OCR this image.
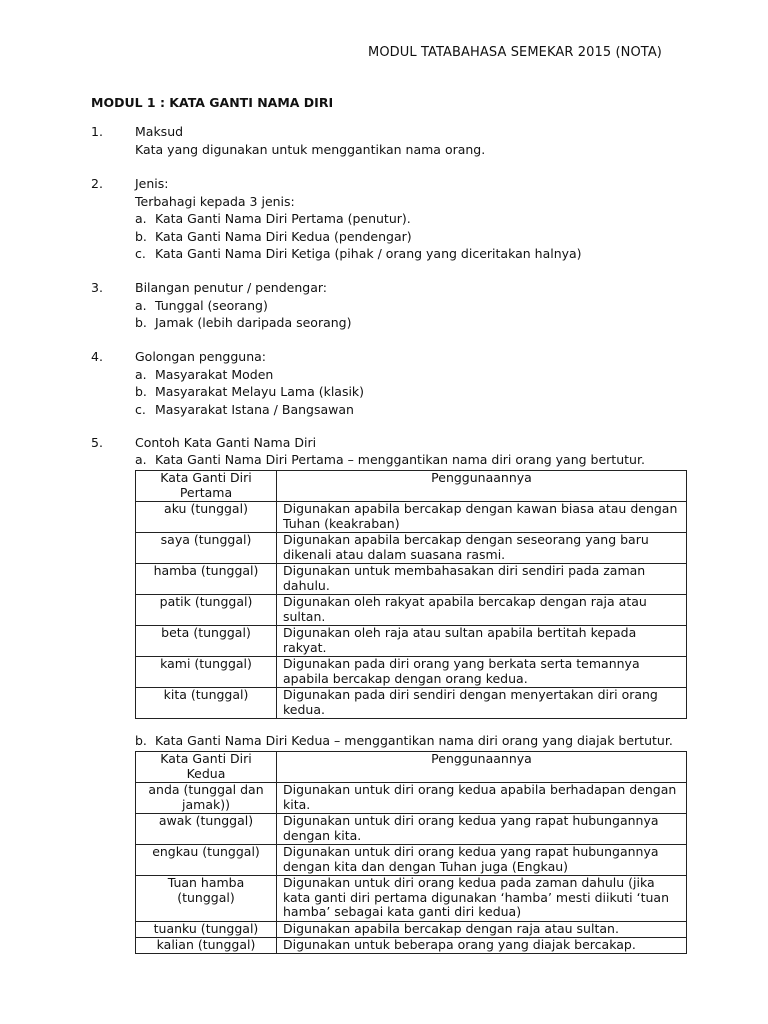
MODUL TATABAHASA SEMEKAR 2015 (NOTA)
MODUL 1 : KATA GANTI NAMA DIRI
1.	Maksud
Kata yang digunakan untuk menggantikan nama orang.
2.	Jenis:
Terbahagi kepada 3 jenis:
a. Kata Ganti Nama Diri Pertama (penutur).
b. Kata Ganti Nama Diri Kedua (pendengar)
c. Kata Ganti Nama Diri Ketiga (pihak / orang yang diceritakan halnya)
3.	Bilangan penutur / pendengar:
a. Tunggal (seorang)
b. Jamak (lebih daripada seorang)
4.	Golongan pengguna:
a. Masyarakat Moden
b. Masyarakat Melayu Lama (klasik)
c. Masyarakat Istana / Bangsawan
5.	Contoh Kata Ganti Nama Diri
a. Kata Ganti Nama Diri Pertama – menggantikan nama diri orang yang bertutur.
Kata Ganti Diri Pertama	Penggunaannya
aku (tunggal)	Digunakan apabila bercakap dengan kawan biasa atau dengan Tuhan (keakraban)
saya (tunggal)	Digunakan apabila bercakap dengan seseorang yang baru dikenali atau dalam suasana rasmi.
hamba (tunggal)	Digunakan untuk membahasakan diri sendiri pada zaman dahulu.
patik (tunggal)	Digunakan oleh rakyat apabila bercakap dengan raja atau sultan.
beta (tunggal)	Digunakan oleh raja atau sultan apabila bertitah kepada rakyat.
kami (tunggal)	Digunakan pada diri orang yang berkata serta temannya apabila bercakap dengan orang kedua.
kita (tunggal)	Digunakan pada diri sendiri dengan menyertakan diri orang kedua.
b. Kata Ganti Nama Diri Kedua – menggantikan nama diri orang yang diajak bertutur.
Kata Ganti Diri Kedua	Penggunaannya
anda (tunggal dan jamak))	Digunakan untuk diri orang kedua apabila berhadapan dengan kita.
awak (tunggal)	Digunakan untuk diri orang kedua yang rapat hubungannya dengan kita.
engkau (tunggal)	Digunakan untuk diri orang kedua yang rapat hubungannya dengan kita dan dengan Tuhan juga (Engkau)
Tuan hamba (tunggal)	Digunakan untuk diri orang kedua pada zaman dahulu (jika kata ganti diri pertama digunakan ‘hamba’ mesti diikuti ‘tuan hamba’ sebagai kata ganti diri kedua)
tuanku (tunggal)	Digunakan apabila bercakap dengan raja atau sultan.
kalian (tunggal)	Digunakan untuk beberapa orang yang diajak bercakap.
